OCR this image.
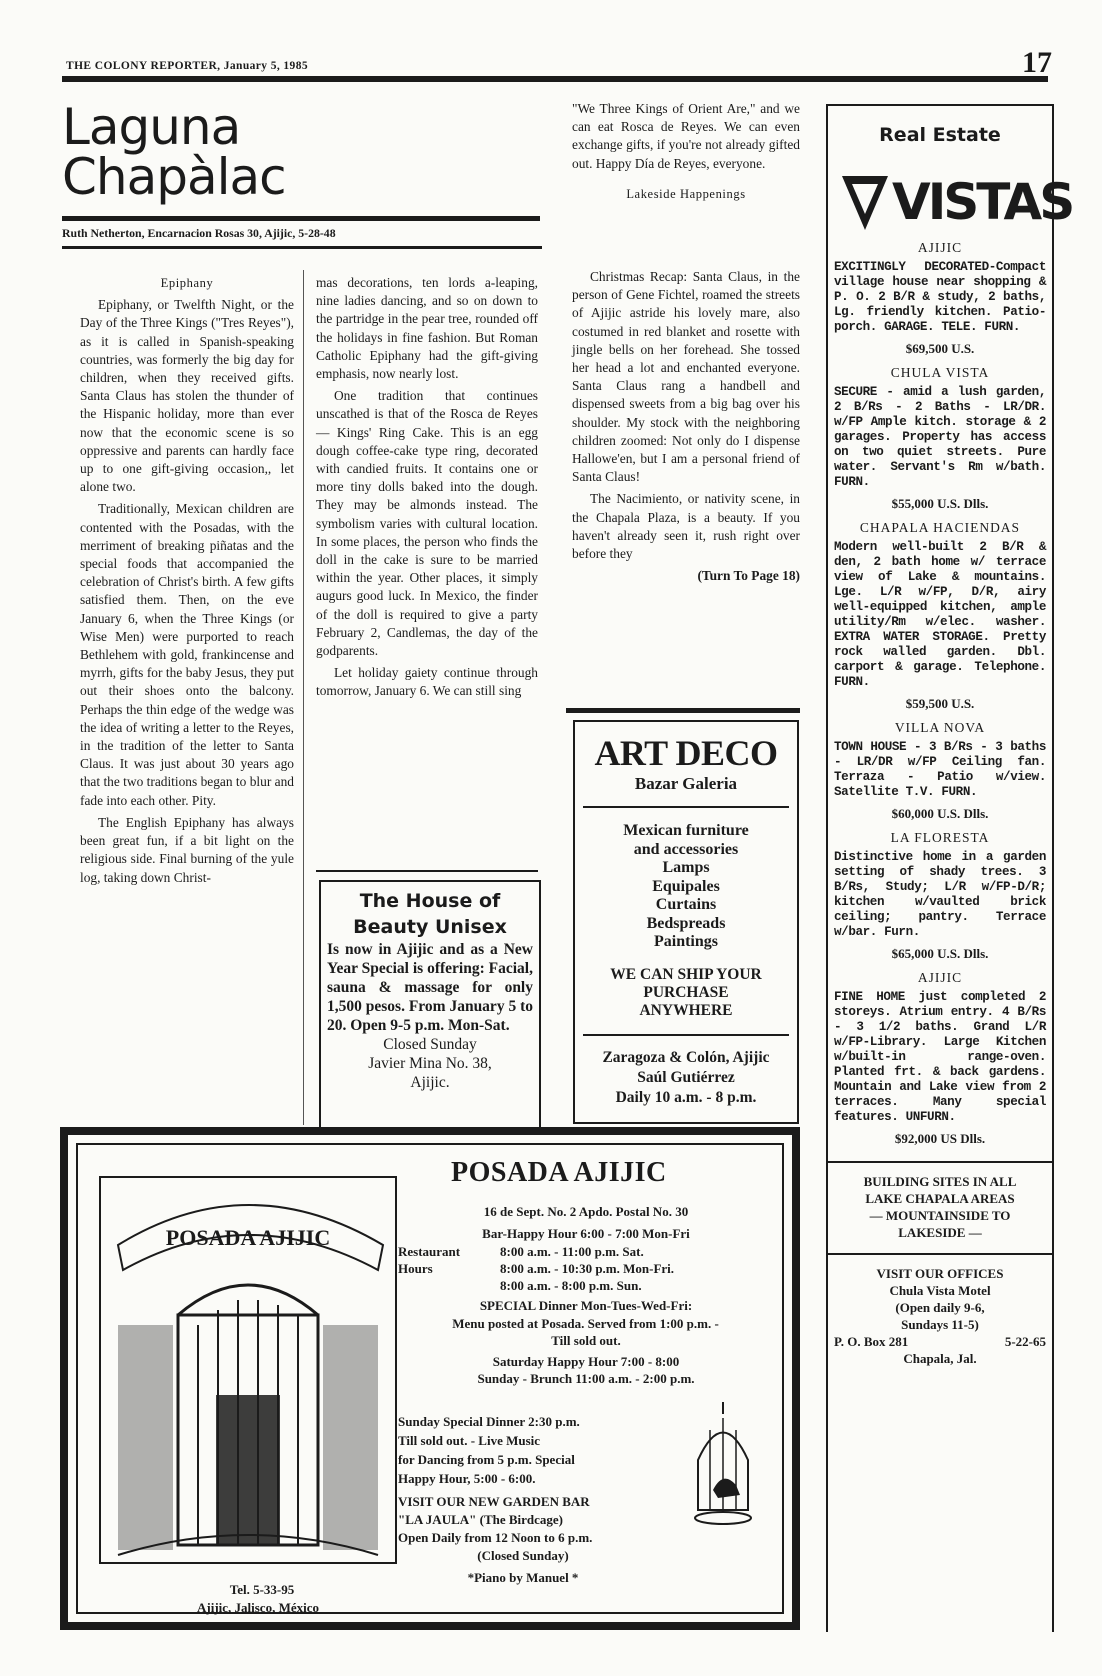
THE COLONY REPORTER, January 5, 1985	17
Laguna
Chapàlac
Ruth Netherton, Encarnacion Rosas 30, Ajijic, 5-28-48
Epiphany

Epiphany, or Twelfth Night, or the Day of the Three Kings ("Tres Reyes"), as it is called in Spanish-speaking countries, was formerly the big day for children, when they received gifts. Santa Claus has stolen the thunder of the Hispanic holiday, more than ever now that the economic scene is so oppressive and parents can hardly face up to one gift-giving occasion,, let alone two.

Traditionally, Mexican children are contented with the Posadas, with the merriment of breaking piñatas and the special foods that accompanied the celebration of Christ's birth. A few gifts satisfied them. Then, on the eve January 6, when the Three Kings (or Wise Men) were purported to reach Bethlehem with gold, frankincense and myrrh, gifts for the baby Jesus, they put out their shoes onto the balcony. Perhaps the thin edge of the wedge was the idea of writing a letter to the Reyes, in the tradition of the letter to Santa Claus. It was just about 30 years ago that the two traditions began to blur and fade into each other. Pity.

The English Epiphany has always been great fun, if a bit light on the religious side. Final burning of the yule log, taking down Christ-

mas decorations, ten lords a-leaping, nine ladies dancing, and so on down to the partridge in the pear tree, rounded off the holidays in fine fashion. But Roman Catholic Epiphany had the gift-giving emphasis, now nearly lost.

One tradition that continues unscathed is that of the Rosca de Reyes — Kings' Ring Cake. This is an egg dough coffee-cake type ring, decorated with candied fruits. It contains one or more tiny dolls baked into the dough. They may be almonds instead. The symbolism varies with cultural location. In some places, the person who finds the doll in the cake is sure to be married within the year. Other places, it simply augurs good luck. In Mexico, the finder of the doll is required to give a party February 2, Candlemas, the day of the godparents.

Let holiday gaiety continue through tomorrow, January 6. We can still sing

The House of
Beauty Unisex
Is now in Ajijic and as a New Year Special is offering: Facial, sauna & massage for only 1,500 pesos. From January 5 to 20. Open 9-5 p.m. Mon-Sat.
Closed Sunday
Javier Mina No. 38,
Ajijic.

"We Three Kings of Orient Are," and we can eat Rosca de Reyes. We can even exchange gifts, if you're not already gifted out. Happy Día de Reyes, everyone.

Lakeside Happenings

Christmas Recap: Santa Claus, in the person of Gene Fichtel, roamed the streets of Ajijic astride his lovely mare, also costumed in red blanket and rosette with jingle bells on her forehead. She tossed her head a lot and enchanted everyone. Santa Claus rang a handbell and dispensed sweets from a big bag over his shoulder. My stock with the neighboring children zoomed: Not only do I dispense Hallowe'en, but I am a personal friend of Santa Claus!

The Nacimiento, or nativity scene, in the Chapala Plaza, is a beauty. If you haven't already seen it, rush right over before they

(Turn To Page 18)
ART DECO
Bazar Galeria
Mexican furniture
and accessories
Lamps
Equipales
Curtains
Bedspreads
Paintings
WE CAN SHIP YOUR
PURCHASE
ANYWHERE
Zaragoza & Colón, Ajijic
Saúl Gutiérrez
Daily 10 a.m. - 8 p.m.
POSADA AJIJIC
Tel. 5-33-95
Ajijic, Jalisco, México
POSADA AJIJIC
16 de Sept. No. 2 Apdo. Postal No. 30
Bar-Happy Hour 6:00 - 7:00 Mon-Fri
Restaurant
Hours
8:00 a.m. - 11:00 p.m. Sat.
8:00 a.m. - 10:30 p.m. Mon-Fri.
8:00 a.m. - 8:00 p.m. Sun.
SPECIAL Dinner Mon-Tues-Wed-Fri:
Menu posted at Posada. Served from 1:00 p.m. -
Till sold out.
Saturday Happy Hour 7:00 - 8:00
Sunday - Brunch 11:00 a.m. - 2:00 p.m.
Sunday Special Dinner 2:30 p.m.
Till sold out. - Live Music
for Dancing from 5 p.m. Special
Happy Hour, 5:00 - 6:00.
VISIT OUR NEW GARDEN BAR
"LA JAULA" (The Birdcage)
Open Daily from 12 Noon to 6 p.m.
(Closed Sunday)
*Piano by Manuel *
Real Estate
VISTAS
AJIJIC
EXCITINGLY DECORATED-Compact village house near shopping & P. O. 2 B/R & study, 2 baths, Lg. friendly kitchen. Patio-porch. GARAGE. TELE. FURN.
$69,500 U.S.
CHULA VISTA
SECURE - amid a lush garden, 2 B/Rs - 2 Baths - LR/DR. w/FP Ample kitch. storage & 2 garages. Property has access on two quiet streets. Pure water. Servant's Rm w/bath. FURN.
$55,000 U.S. Dlls.
CHAPALA HACIENDAS
Modern well-built 2 B/R & den, 2 bath home w/ terrace view of Lake & mountains. Lge. L/R w/FP, D/R, airy well-equipped kitchen, ample utility/Rm w/elec. washer. EXTRA WATER STORAGE. Pretty rock walled garden. Dbl. carport & garage. Telephone. FURN.
$59,500 U.S.
VILLA NOVA
TOWN HOUSE - 3 B/Rs - 3 baths - LR/DR w/FP Ceiling fan. Terraza - Patio w/view. Satellite T.V. FURN.
$60,000 U.S. Dlls.
LA FLORESTA
Distinctive home in a garden setting of shady trees. 3 B/Rs, Study; L/R w/FP-D/R; kitchen w/vaulted brick ceiling; pantry. Terrace w/bar. Furn.
$65,000 U.S. Dlls.
AJIJIC
FINE HOME just completed 2 storeys. Atrium entry. 4 B/Rs - 3 1/2 baths. Grand L/R w/FP-Library. Large Kitchen w/built-in range-oven. Planted frt. & back gardens. Mountain and Lake view from 2 terraces. Many special features. UNFURN.
$92,000 US Dlls.
BUILDING SITES IN ALL
LAKE CHAPALA AREAS
— MOUNTAINSIDE TO
LAKESIDE —
VISIT OUR OFFICES
Chula Vista Motel
(Open daily 9-6,
Sundays 11-5)
P. O. Box 281	5-22-65
Chapala, Jal.
